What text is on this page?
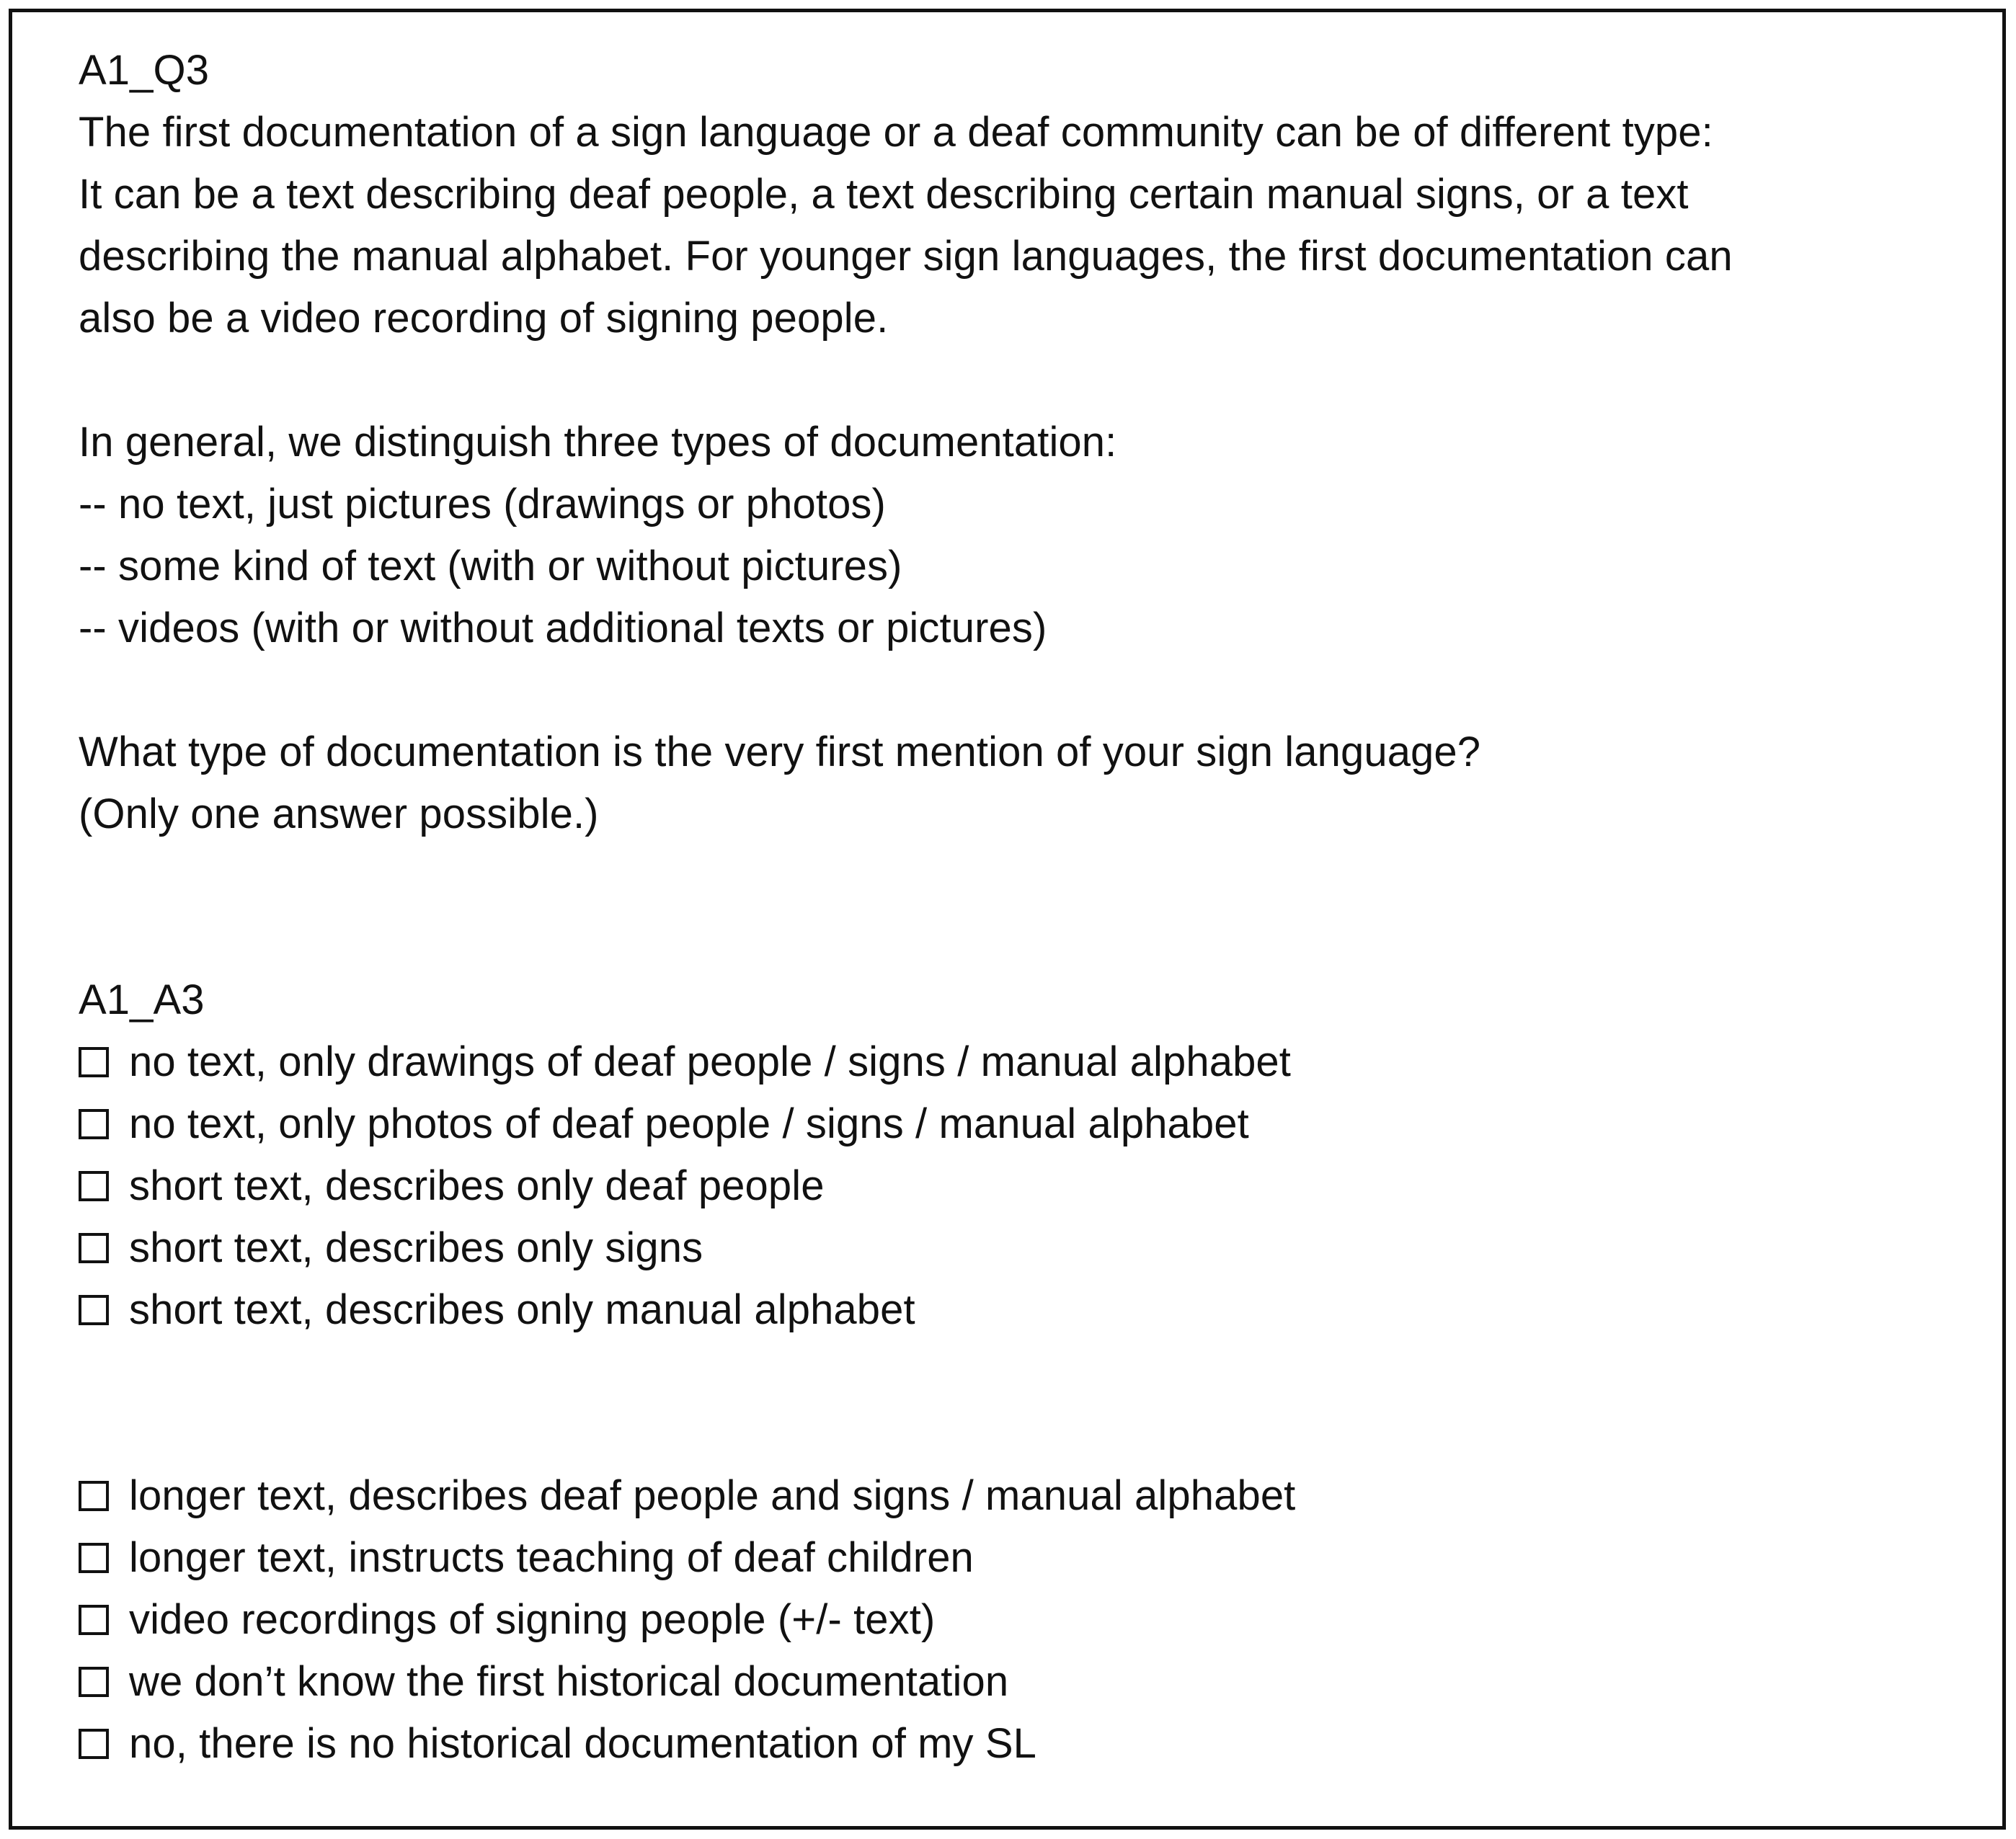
A1_Q3
The first documentation of a sign language or a deaf community can be of different type:
It can be a text describing deaf people, a text describing certain manual signs, or a text
describing the manual alphabet. For younger sign languages, the first documentation can
also be a video recording of signing people.
In general, we distinguish three types of documentation:
-- no text, just pictures (drawings or photos)
-- some kind of text (with or without pictures)
-- videos (with or without additional texts or pictures)
What type of documentation is the very first mention of your sign language?
(Only one answer possible.)
A1_A3
no text, only drawings of deaf people / signs / manual alphabet
no text, only photos of deaf people / signs / manual alphabet
short text, describes only deaf people
short text, describes only signs
short text, describes only manual alphabet
longer text, describes deaf people and signs / manual alphabet
longer text, instructs teaching of deaf children
video recordings of signing people (+/- text)
we don’t know the first historical documentation
no, there is no historical documentation of my SL
